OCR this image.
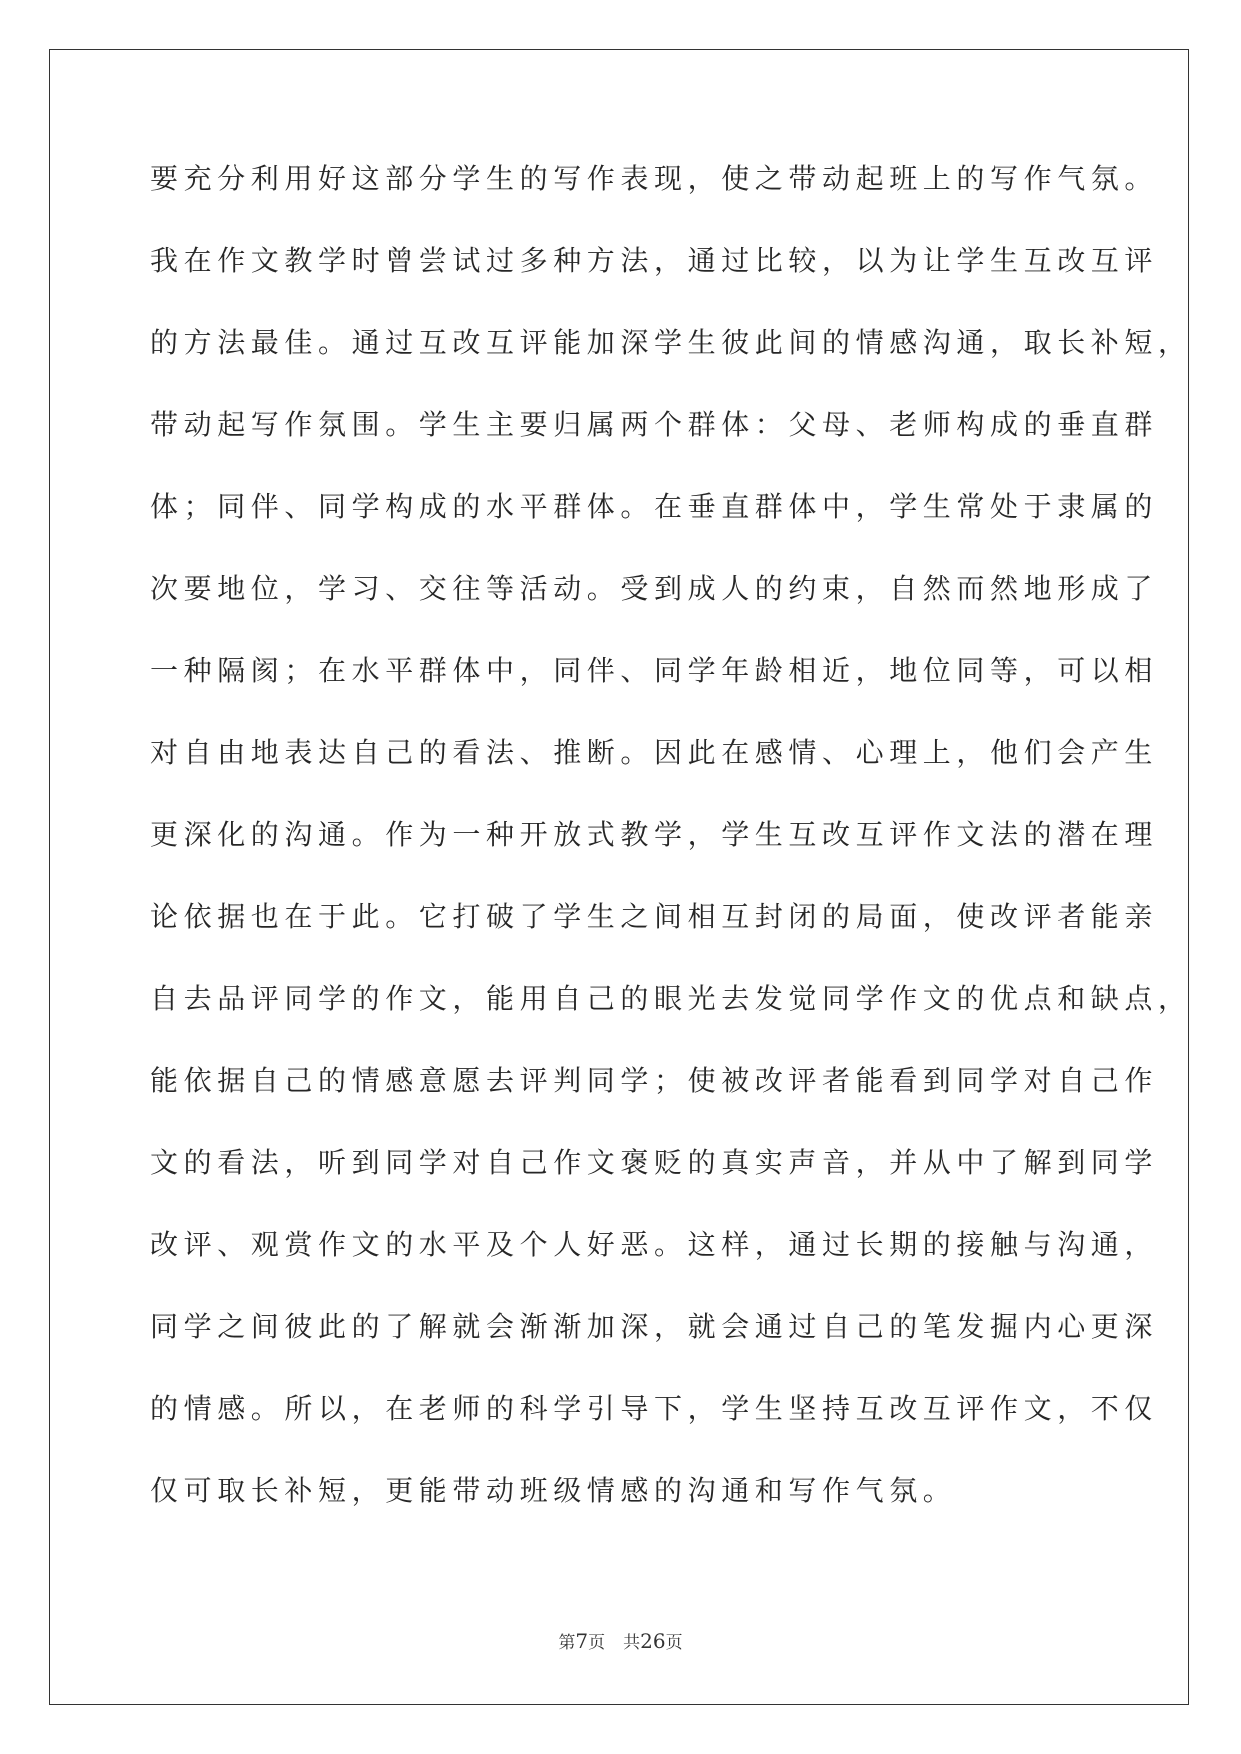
要充分利用好这部分学生的写作表现，使之带动起班上的写作气氛。
我在作文教学时曾尝试过多种方法，通过比较，以为让学生互改互评
的方法最佳。通过互改互评能加深学生彼此间的情感沟通，取长补短，
带动起写作氛围。学生主要归属两个群体：父母、老师构成的垂直群
体；同伴、同学构成的水平群体。在垂直群体中，学生常处于隶属的
次要地位，学习、交往等活动。受到成人的约束，自然而然地形成了
一种隔阂；在水平群体中，同伴、同学年龄相近，地位同等，可以相
对自由地表达自己的看法、推断。因此在感情、心理上，他们会产生
更深化的沟通。作为一种开放式教学，学生互改互评作文法的潜在理
论依据也在于此。它打破了学生之间相互封闭的局面，使改评者能亲
自去品评同学的作文，能用自己的眼光去发觉同学作文的优点和缺点，
能依据自己的情感意愿去评判同学；使被改评者能看到同学对自己作
文的看法，听到同学对自己作文褒贬的真实声音，并从中了解到同学
改评、观赏作文的水平及个人好恶。这样，通过长期的接触与沟通，
同学之间彼此的了解就会渐渐加深，就会通过自己的笔发掘内心更深
的情感。所以，在老师的科学引导下，学生坚持互改互评作文，不仅
仅可取长补短，更能带动班级情感的沟通和写作气氛。
第7页 共26页
